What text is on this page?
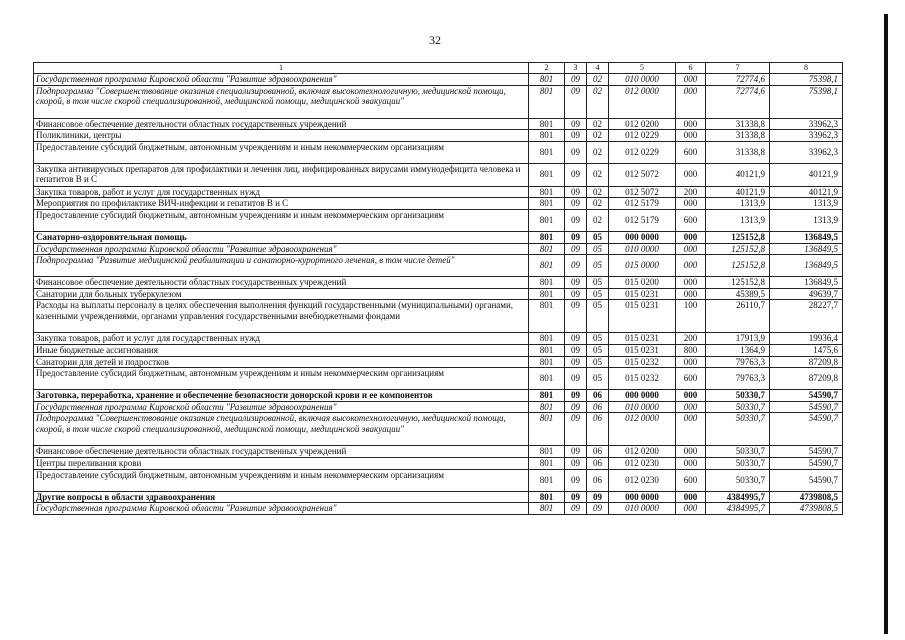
32
1	2	3	4	5	6	7	8
Государственная программа Кировской области "Развитие здравоохранения"	801	09	02	010 0000	000	72774,6	75398,1
Подпрограмма "Совершенствование оказания специализированной, включая высокотехнологичную, медицинской помощи, скорой, в том числе скорой специализированной, медицинской помощи, медицинской эвакуации"	801	09	02	012 0000	000	72774,6	75398,1
Финансовое обеспечение деятельности областных государственных учреждений	801	09	02	012 0200	000	31338,8	33962,3
Поликлиники, центры	801	09	02	012 0229	000	31338,8	33962,3
Предоставление субсидий бюджетным, автономным учреждениям и иным некоммерческим организациям	801	09	02	012 0229	600	31338,8	33962,3
Закупка антивирусных препаратов для профилактики и лечения лиц, инфицированных вирусами иммунодефицита человека и гепатитов В и С	801	09	02	012 5072	000	40121,9	40121,9
Закупка товаров, работ и услуг для государственных нужд	801	09	02	012 5072	200	40121,9	40121,9
Мероприятия по профилактике ВИЧ-инфекции и гепатитов В и С	801	09	02	012 5179	000	1313,9	1313,9
Предоставление субсидий бюджетным, автономным учреждениям и иным некоммерческим организациям	801	09	02	012 5179	600	1313,9	1313,9
Санаторно-оздоровительная помощь	801	09	05	000 0000	000	125152,8	136849,5
Государственная программа Кировской области "Развитие здравоохранения"	801	09	05	010 0000	000	125152,8	136849,5
Подпрограмма "Развитие медицинской реабилитации и санаторно-курортного лечения, в том числе детей"	801	09	05	015 0000	000	125152,8	136849,5
Финансовое обеспечение деятельности областных государственных учреждений	801	09	05	015 0200	000	125152,8	136849,5
Санатории для больных туберкулезом	801	09	05	015 0231	000	45389,5	49639,7
Расходы на выплаты персоналу в целях обеспечения выполнения функций государственными (муниципальными) органами, казенными учреждениями, органами управления государственными внебюджетными фондами	801	09	05	015 0231	100	26110,7	28227,7
Закупка товаров, работ и услуг для государственных нужд	801	09	05	015 0231	200	17913,9	19936,4
Иные бюджетные ассигнования	801	09	05	015 0231	800	1364,9	1475,6
Санатории для детей и подростков	801	09	05	015 0232	000	79763,3	87209,8
Предоставление субсидий бюджетным, автономным учреждениям и иным некоммерческим организациям	801	09	05	015 0232	600	79763,3	87209,8
Заготовка, переработка, хранение и обеспечение безопасности донорской крови и ее компонентов	801	09	06	000 0000	000	50330,7	54590,7
Государственная программа Кировской области "Развитие здравоохранения"	801	09	06	010 0000	000	50330,7	54590,7
Подпрограмма "Совершенствование оказания специализированной, включая высокотехнологичную, медицинской помощи, скорой, в том числе скорой специализированной, медицинской помощи, медицинской эвакуации"	801	09	06	012 0000	000	50330,7	54590,7
Финансовое обеспечение деятельности областных государственных учреждений	801	09	06	012 0200	000	50330,7	54590,7
Центры переливания крови	801	09	06	012 0230	000	50330,7	54590,7
Предоставление субсидий бюджетным, автономным учреждениям и иным некоммерческим организациям	801	09	06	012 0230	600	50330,7	54590,7
Другие вопросы в области здравоохранения	801	09	09	000 0000	000	4384995,7	4739808,5
Государственная программа Кировской области "Развитие здравоохранения"	801	09	09	010 0000	000	4384995,7	4739808,5
